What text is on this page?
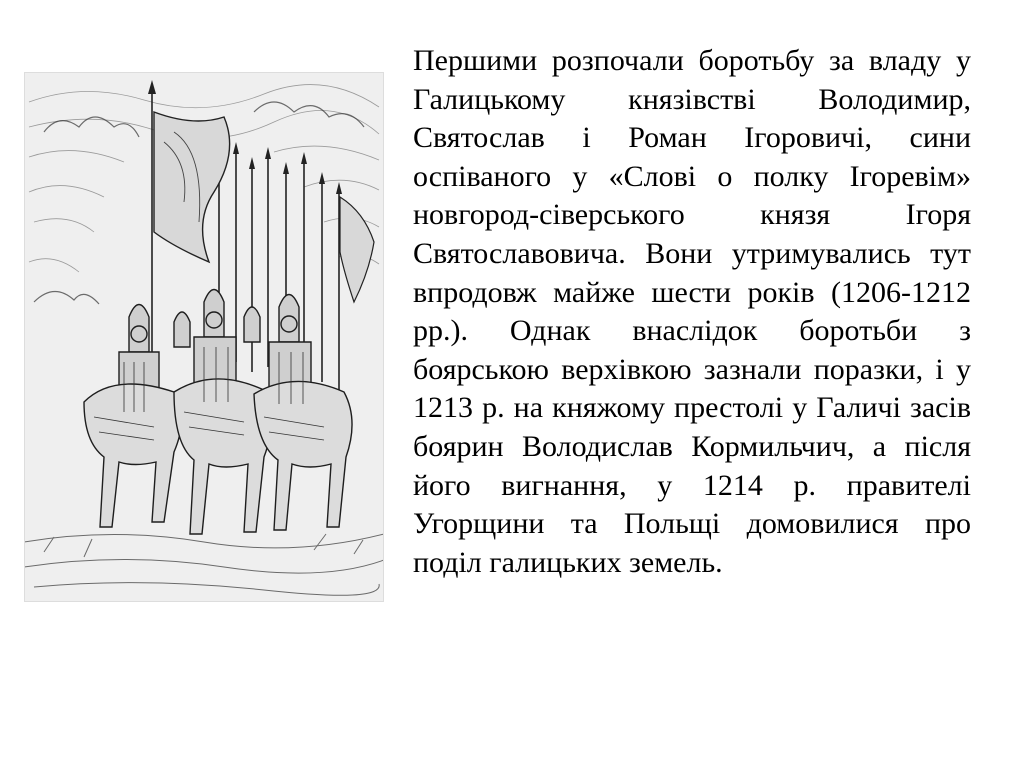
Першими розпочали боротьбу за владу у Галицькому князівстві Володимир, Святослав і Роман Ігоровичі, сини оспіваного у «Слові о полку Ігоревім» новгород-сіверського князя Ігоря Святославовича. Вони утримувались тут впродовж майже шести років (1206-1212 рр.). Однак внаслідок боротьби з боярською верхівкою зазнали поразки, і у 1213 р. на княжому престолі у Галичі засів боярин Володислав Кормильчич, а після його вигнання, у 1214 р. правителі Угорщини та Польщі домовилися про поділ галицьких земель.
